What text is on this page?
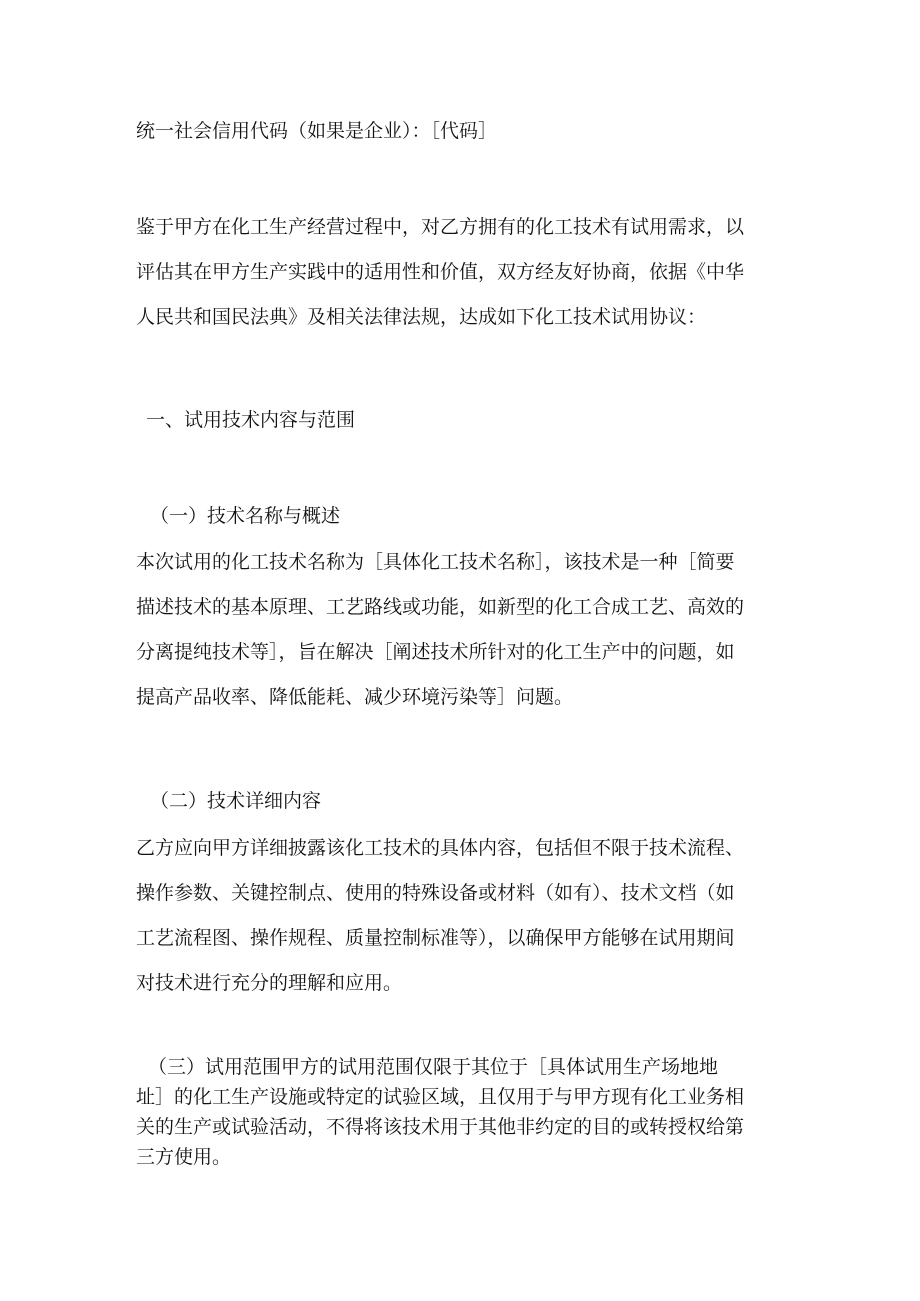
统一社会信用代码（如果是企业）：［代码］

鉴于甲方在化工生产经营过程中，对乙方拥有的化工技术有试用需求，以
评估其在甲方生产实践中的适用性和价值，双方经友好协商，依据《中华
人民共和国民法典》及相关法律法规，达成如下化工技术试用协议：

一、试用技术内容与范围

（一）技术名称与概述

本次试用的化工技术名称为［具体化工技术名称］，该技术是一种［简要
描述技术的基本原理、工艺路线或功能，如新型的化工合成工艺、高效的
分离提纯技术等］，旨在解决［阐述技术所针对的化工生产中的问题，如
提高产品收率、降低能耗、减少环境污染等］问题。

（二）技术详细内容

乙方应向甲方详细披露该化工技术的具体内容，包括但不限于技术流程、
操作参数、关键控制点、使用的特殊设备或材料（如有）、技术文档（如
工艺流程图、操作规程、质量控制标准等），以确保甲方能够在试用期间
对技术进行充分的理解和应用。

（三）试用范围甲方的试用范围仅限于其位于［具体试用生产场地地
址］的化工生产设施或特定的试验区域，且仅用于与甲方现有化工业务相
关的生产或试验活动，不得将该技术用于其他非约定的目的或转授权给第
三方使用。
